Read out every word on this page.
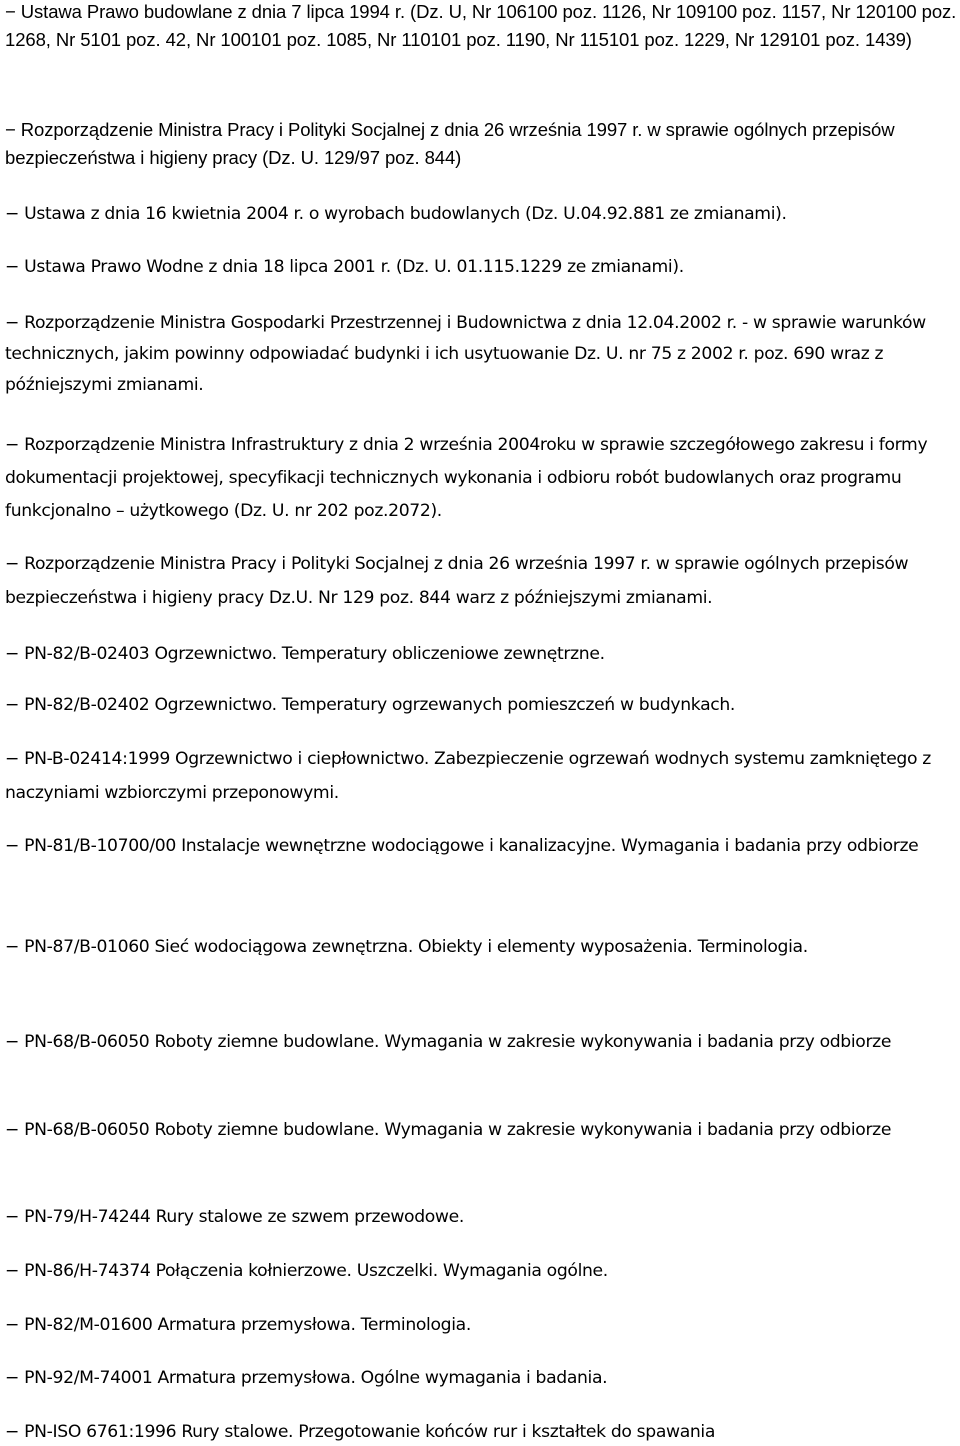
− Ustawa Prawo budowlane z dnia 7 lipca 1994 r. (Dz. U, Nr 106100 poz. 1126, Nr 109100 poz. 1157, Nr 120100 poz. 1268, Nr 5101 poz. 42, Nr 100101 poz. 1085, Nr 110101 poz. 1190, Nr 115101 poz. 1229, Nr 129101 poz. 1439)

− Rozporządzenie Ministra Pracy i Polityki Socjalnej z dnia 26 września 1997 r. w sprawie ogólnych przepisów bezpieczeństwa i higieny pracy (Dz. U. 129/97 poz. 844)

− Ustawa z dnia 16 kwietnia 2004 r. o wyrobach budowlanych (Dz. U.04.92.881 ze zmianami).

− Ustawa Prawo Wodne z dnia 18 lipca 2001 r. (Dz. U. 01.115.1229 ze zmianami).

− Rozporządzenie Ministra Gospodarki Przestrzennej i Budownictwa z dnia 12.04.2002 r. - w sprawie warunków technicznych, jakim powinny odpowiadać budynki i ich usytuowanie Dz. U. nr 75 z 2002 r. poz. 690 wraz z późniejszymi zmianami.

− Rozporządzenie Ministra Infrastruktury z dnia 2 września 2004roku w sprawie szczegółowego zakresu i formy dokumentacji projektowej, specyfikacji technicznych wykonania i odbioru robót budowlanych oraz programu funkcjonalno – użytkowego (Dz. U. nr 202 poz.2072).

− Rozporządzenie Ministra Pracy i Polityki Socjalnej z dnia 26 września 1997 r. w sprawie ogólnych przepisów bezpieczeństwa i higieny pracy Dz.U. Nr 129 poz. 844 warz z późniejszymi zmianami.

− PN-82/B-02403 Ogrzewnictwo. Temperatury obliczeniowe zewnętrzne.

− PN-82/B-02402 Ogrzewnictwo. Temperatury ogrzewanych pomieszczeń w budynkach.

− PN-B-02414:1999 Ogrzewnictwo i ciepłownictwo. Zabezpieczenie ogrzewań wodnych systemu zamkniętego z naczyniami wzbiorczymi przeponowymi.

− PN-81/B-10700/00 Instalacje wewnętrzne wodociągowe i kanalizacyjne. Wymagania i badania przy odbiorze

− PN-87/B-01060 Sieć wodociągowa zewnętrzna. Obiekty i elementy wyposażenia. Terminologia.

− PN-68/B-06050 Roboty ziemne budowlane. Wymagania w zakresie wykonywania i badania przy odbiorze

− PN-68/B-06050 Roboty ziemne budowlane. Wymagania w zakresie wykonywania i badania przy odbiorze

− PN-79/H-74244 Rury stalowe ze szwem przewodowe.

− PN-86/H-74374 Połączenia kołnierzowe. Uszczelki. Wymagania ogólne.

− PN-82/M-01600 Armatura przemysłowa. Terminologia.

− PN-92/M-74001 Armatura przemysłowa. Ogólne wymagania i badania.

− PN-ISO 6761:1996 Rury stalowe. Przegotowanie końców rur i kształtek do spawania
